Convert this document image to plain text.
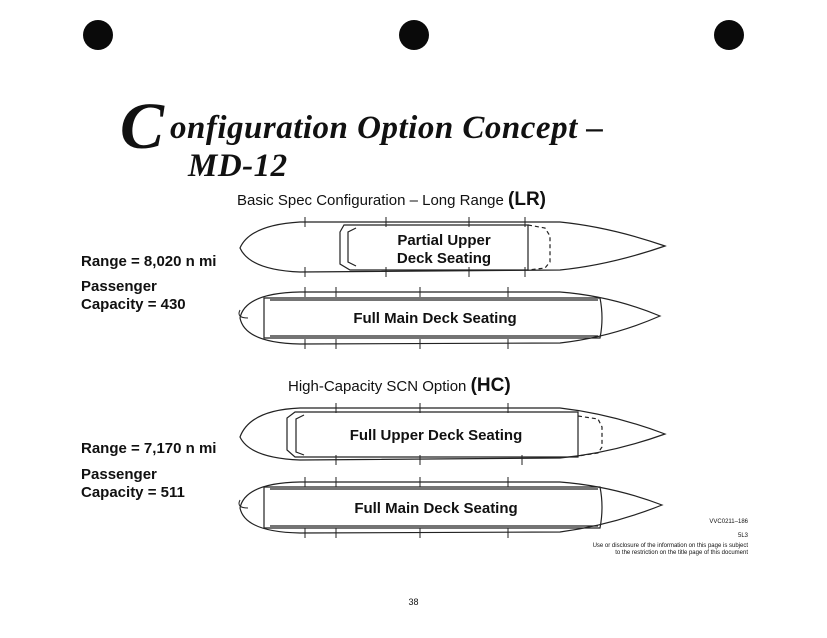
C onfiguration Option Concept –
MD-12
Basic Spec Configuration – Long Range (LR)
Range = 8,020 n mi
Passenger
Capacity = 430
High-Capacity SCN Option (HC)
Range = 7,170 n mi
Passenger
Capacity = 511
Partial Upper
Deck Seating
Full Main Deck Seating
Full Upper Deck Seating
Full Main Deck Seating
VVC0211–186
5L3
Use or disclosure of the information on this page is subject
to the restriction on the title page of this document
38
